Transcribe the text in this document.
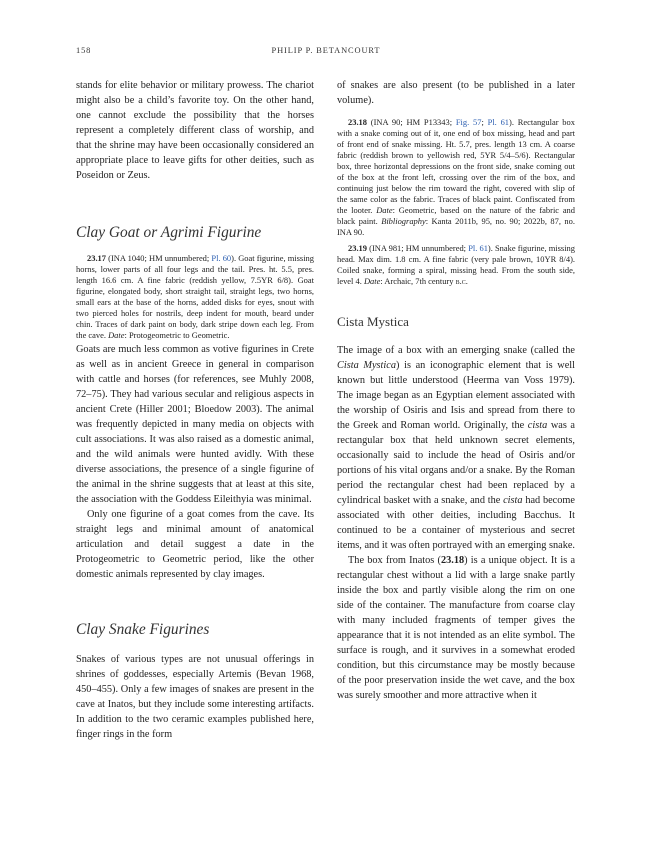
158	PHILIP P. BETANCOURT

stands for elite behavior or military prowess. The chariot might also be a child’s favorite toy. On the other hand, one cannot exclude the possibility that the horses represent a completely different class of worship, and that the shrine may have been occasionally considered an appropriate place to leave gifts for other deities, such as Poseidon or Zeus.

Clay Goat or Agrimi Figurine

23.17 (INA 1040; HM unnumbered; Pl. 60). Goat figurine, missing horns, lower parts of all four legs and the tail. Pres. ht. 5.5, pres. length 16.6 cm. A fine fabric (reddish yellow, 7.5YR 6/8). Goat figurine, elongated body, short straight tail, straight legs, two horns, small ears at the base of the horns, added disks for eyes, snout with two pierced holes for nostrils, deep indent for mouth, beard under chin. Traces of dark paint on body, dark stripe down each leg. From the cave. Date: Protogeometric to Geometric.

Goats are much less common as votive figurines in Crete as well as in ancient Greece in general in comparison with cattle and horses (for references, see Muhly 2008, 72–75). They had various secular and religious aspects in ancient Crete (Hiller 2001; Bloedow 2003). The animal was frequently depicted in many media on objects with cult associations. It was also raised as a domestic animal, and the wild animals were hunted avidly. With these diverse associations, the presence of a single figurine of the animal in the shrine suggests that at least at this site, the association with the Goddess Eileithyia was minimal.

Only one figurine of a goat comes from the cave. Its straight legs and minimal amount of anatomical articulation and detail suggest a date in the Protogeometric to Geometric period, like the other domestic animals represented by clay images.

Clay Snake Figurines

Snakes of various types are not unusual offerings in shrines of goddesses, especially Artemis (Bevan 1968, 450–455). Only a few images of snakes are present in the cave at Inatos, but they include some interesting artifacts. In addition to the two ceramic examples published here, finger rings in the form

of snakes are also present (to be published in a later volume).

23.18 (INA 90; HM P13343; Fig. 57; Pl. 61). Rectangular box with a snake coming out of it, one end of box missing, head and part of front end of snake missing. Ht. 5.7, pres. length 13 cm. A coarse fabric (reddish brown to yellowish red, 5YR 5/4–5/6). Rectangular box, three horizontal depressions on the front side, snake coming out of the box at the front left, crossing over the rim of the box, and continuing just below the rim toward the right, covered with slip of the same color as the fabric. Traces of black paint. Confiscated from the looter. Date: Geometric, based on the nature of the fabric and black paint. Bibliography: Kanta 2011b, 95, no. 90; 2022b, 87, no. INA 90.

23.19 (INA 981; HM unnumbered; Pl. 61). Snake figurine, missing head. Max dim. 1.8 cm. A fine fabric (very pale brown, 10YR 8/4). Coiled snake, forming a spiral, missing head. From the south side, level 4. Date: Archaic, 7th century b.c.

Cista Mystica

The image of a box with an emerging snake (called the Cista Mystica) is an iconographic element that is well known but little understood (Heerma van Voss 1979). The image began as an Egyptian element associated with the worship of Osiris and Isis and spread from there to the Greek and Roman world. Originally, the cista was a rectangular box that held unknown secret elements, occasionally said to include the head of Osiris and/or portions of his vital organs and/or a snake. By the Roman period the rectangular chest had been replaced by a cylindrical basket with a snake, and the cista had become associated with other deities, including Bacchus. It continued to be a container of mysterious and secret items, and it was often portrayed with an emerging snake.

The box from Inatos (23.18) is a unique object. It is a rectangular chest without a lid with a large snake partly inside the box and partly visible along the rim on one side of the container. The manufacture from coarse clay with many included fragments of temper gives the appearance that it is not intended as an elite symbol. The surface is rough, and it survives in a somewhat eroded condition, but this circumstance may be mostly because of the poor preservation inside the wet cave, and the box was surely smoother and more attractive when it
